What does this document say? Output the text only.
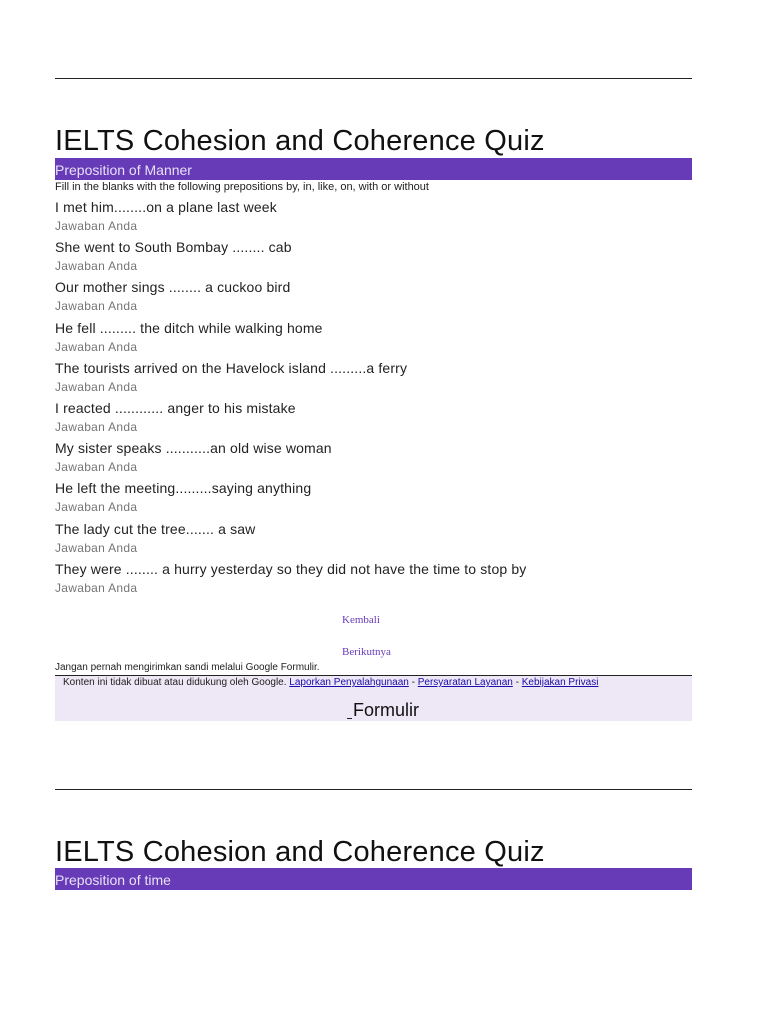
IELTS Cohesion and Coherence Quiz
Preposition of Manner
Fill in the blanks with the following prepositions by, in, like, on, with or without
I met him........on a plane last week
Jawaban Anda
She went to South Bombay ........ cab
Jawaban Anda
Our mother sings ........ a cuckoo bird
Jawaban Anda
He fell ......... the ditch while walking home
Jawaban Anda
The tourists arrived on the Havelock island .........a ferry
Jawaban Anda
I reacted ............ anger to his mistake
Jawaban Anda
My sister speaks ...........an old wise woman
Jawaban Anda
He left the meeting.........saying anything
Jawaban Anda
The lady cut the tree....... a saw
Jawaban Anda
They were ........ a hurry yesterday so they did not have the time to stop by
Jawaban Anda
Kembali
Berikutnya
Jangan pernah mengirimkan sandi melalui Google Formulir.
Konten ini tidak dibuat atau didukung oleh Google. Laporkan Penyalahgunaan - Persyaratan Layanan - Kebijakan Privasi
Formulir
IELTS Cohesion and Coherence Quiz
Preposition of time
